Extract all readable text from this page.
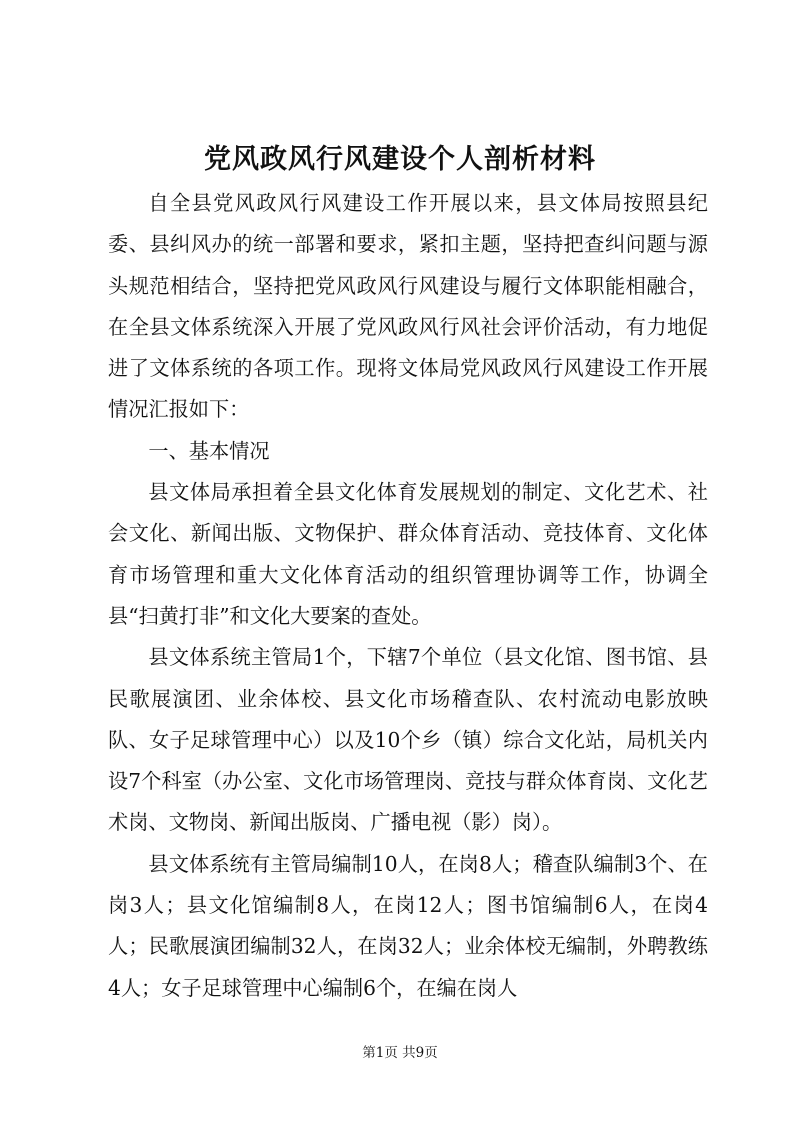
党风政风行风建设个人剖析材料

自全县党风政风行风建设工作开展以来，县文体局按照县纪委、县纠风办的统一部署和要求，紧扣主题，坚持把查纠问题与源头规范相结合，坚持把党风政风行风建设与履行文体职能相融合，在全县文体系统深入开展了党风政风行风社会评价活动，有力地促进了文体系统的各项工作。现将文体局党风政风行风建设工作开展情况汇报如下：

一、基本情况

县文体局承担着全县文化体育发展规划的制定、文化艺术、社会文化、新闻出版、文物保护、群众体育活动、竞技体育、文化体育市场管理和重大文化体育活动的组织管理协调等工作，协调全县“扫黄打非”和文化大要案的查处。

县文体系统主管局1个，下辖7个单位（县文化馆、图书馆、县民歌展演团、业余体校、县文化市场稽查队、农村流动电影放映队、女子足球管理中心）以及10个乡（镇）综合文化站，局机关内设7个科室（办公室、文化市场管理岗、竞技与群众体育岗、文化艺术岗、文物岗、新闻出版岗、广播电视（影）岗）。

县文体系统有主管局编制10人，在岗8人；稽查队编制3个、在岗3人；县文化馆编制8人，在岗12人；图书馆编制6人，在岗4人；民歌展演团编制32人，在岗32人；业余体校无编制，外聘教练4人；女子足球管理中心编制6个，在编在岗人

第1页 共9页
